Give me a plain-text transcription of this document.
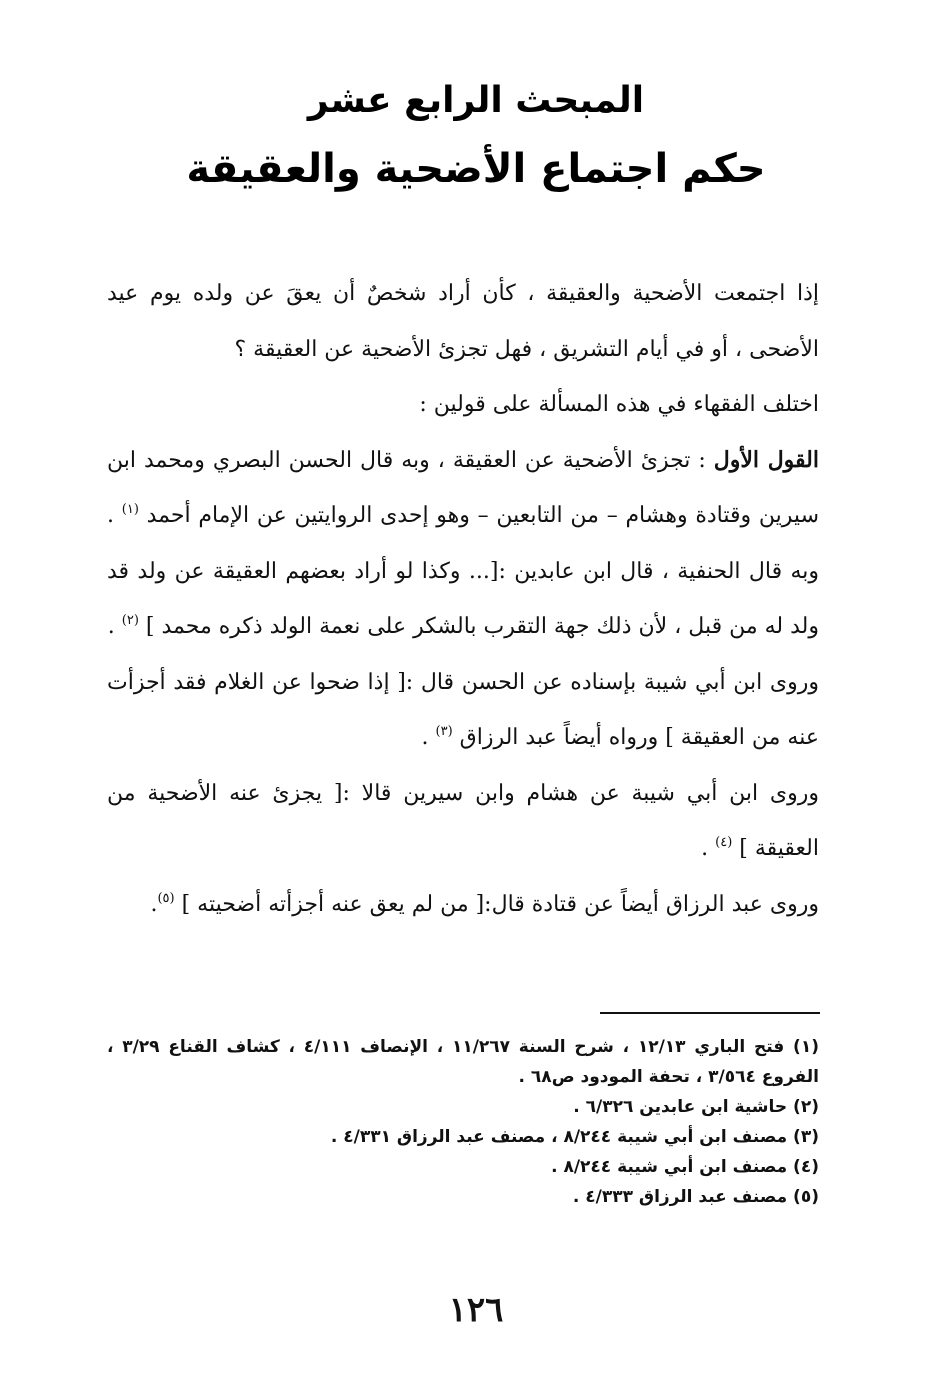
المبحث الرابع عشر
حكم اجتماع الأضحية والعقيقة

إذا اجتمعت الأضحية والعقيقة ، كأن أراد شخصٌ أن يعقَ عن ولده يوم عيد الأضحى ، أو في أيام التشريق ، فهل تجزئ الأضحية عن العقيقة ؟

اختلف الفقهاء في هذه المسألة على قولين :

القول الأول : تجزئ الأضحية عن العقيقة ، وبه قال الحسن البصري ومحمد ابن سيرين وقتادة وهشام – من التابعين – وهو إحدى الروايتين عن الإمام أحمد $^{(١)}$ . وبه قال الحنفية ، قال ابن عابدين :[... وكذا لو أراد بعضهم العقيقة عن ولد قد ولد له من قبل ، لأن ذلك جهة التقرب بالشكر على نعمة الولد ذكره محمد ] $^{(٢)}$ .

وروى ابن أبي شيبة بإسناده عن الحسن قال :[ إذا ضحوا عن الغلام فقد أجزأت عنه من العقيقة ] ورواه أيضاً عبد الرزاق $^{(٣)}$ .

وروى ابن أبي شيبة عن هشام وابن سيرين قالا :[ يجزئ عنه الأضحية من العقيقة ] $^{(٤)}$ .

وروى عبد الرزاق أيضاً عن قتادة قال:[ من لم يعق عنه أجزأته أضحيته ] $^{(٥)}$.

(١) فتح الباري ١٢/١٣ ، شرح السنة ١١/٢٦٧ ، الإنصاف ٤/١١١ ، كشاف القناع ٣/٢٩ ، الفروع ٣/٥٦٤ ، تحفة المودود ص٦٨ .

(٢) حاشية ابن عابدين ٦/٣٢٦ .

(٣) مصنف ابن أبي شيبة ٨/٢٤٤ ، مصنف عبد الرزاق ٤/٣٣١ .

(٤) مصنف ابن أبي شيبة ٨/٢٤٤ .

(٥) مصنف عبد الرزاق ٤/٣٣٣ .

١٢٦
